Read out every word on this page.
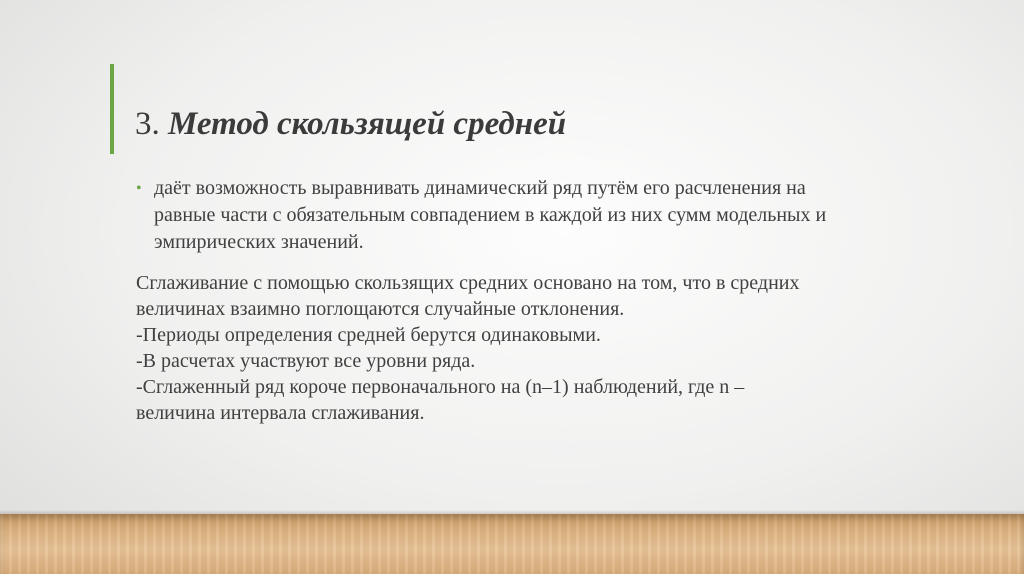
3. Метод скользящей средней
• даёт возможность выравнивать динамический ряд путём его расчленения на равные части с обязательным совпадением в каждой из них сумм модельных и эмпирических значений.
Сглаживание с помощью скользящих средних основано на том, что в средних
величинах взаимно поглощаются случайные отклонения.
-Периоды определения средней берутся одинаковыми.
-В расчетах участвуют все уровни ряда.
-Сглаженный ряд короче первоначального на (n–1) наблюдений, где n –
величина интервала сглаживания.
